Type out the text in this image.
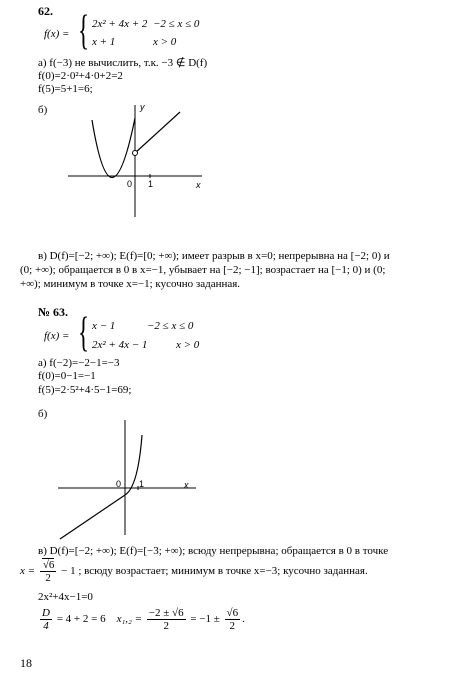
62.
f(x) = { 2x² + 4x + 2 −2 ≤ x ≤ 0
x + 1	x > 0
а) f(−3) не вычислить, т.к. −3 ∉ D(f)
f(0)=2·0²+4·0+2=2
f(5)=5+1=6;
б)	y
x
0 1
в) D(f)=[−2; +∞); E(f)=[0; +∞); имеет разрыв в x=0; непрерывна на [−2; 0) и
(0; +∞); обращается в 0 в x=−1, убывает на [−2; −1]; возрастает на [−1; 0) и (0;
+∞); минимум в точке x=−1; кусочно заданная.
№ 63.
f(x) = { x − 1	−2 ≤ x ≤ 0
2x² + 4x − 1	x > 0
а) f(−2)=−2−1=−3
f(0)=0−1=−1
f(5)=2·5²+4·5−1=69;
б)
x
0 1
в) D(f)=[−2; +∞); E(f)=[−3; +∞); всюду непрерывна; обращается в 0 в точке
$x = \frac{√6}{2} - 1$ ; всюду возрастает; минимум в точке x=−3; кусочно заданная.
2x²+4x−1=0
$\frac{D}{4} = 4 + 2 = 6$ $x_1,_2 = \frac{-2 \pm √6}{2} = -1 \pm \frac{√6}{2}$ .
18
